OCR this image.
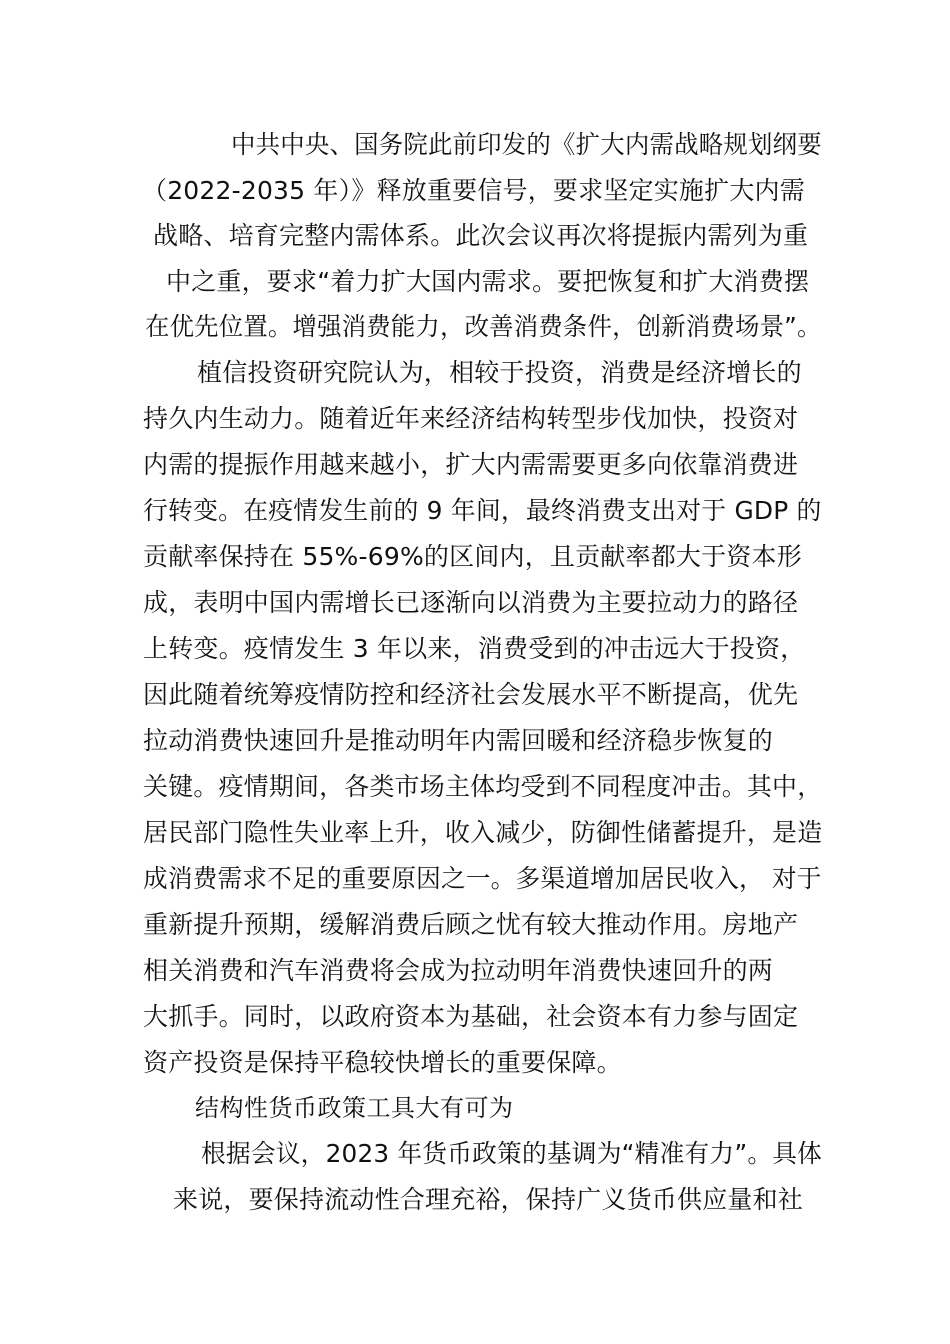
中共中央、国务院此前印发的《扩大内需战略规划纲要
（2022-2035 年）》释放重要信号，要求坚定实施扩大内需
战略、培育完整内需体系。此次会议再次将提振内需列为重
中之重，要求“着力扩大国内需求。要把恢复和扩大消费摆
在优先位置。增强消费能力，改善消费条件，创新消费场景”。
植信投资研究院认为，相较于投资，消费是经济增长的
持久内生动力。随着近年来经济结构转型步伐加快，投资对
内需的提振作用越来越小，扩大内需需要更多向依靠消费进
行转变。在疫情发生前的 9 年间，最终消费支出对于 GDP 的
贡献率保持在 55%-69%的区间内，且贡献率都大于资本形
成，表明中国内需增长已逐渐向以消费为主要拉动力的路径
上转变。疫情发生 3 年以来，消费受到的冲击远大于投资，
因此随着统筹疫情防控和经济社会发展水平不断提高，优先
拉动消费快速回升是推动明年内需回暖和经济稳步恢复的
关键。疫情期间，各类市场主体均受到不同程度冲击。其中，
居民部门隐性失业率上升，收入减少，防御性储蓄提升，是造
成消费需求不足的重要原因之一。多渠道增加居民收入， 对于
重新提升预期，缓解消费后顾之忧有较大推动作用。房地产
相关消费和汽车消费将会成为拉动明年消费快速回升的两
大抓手。同时，以政府资本为基础，社会资本有力参与固定
资产投资是保持平稳较快增长的重要保障。
结构性货币政策工具大有可为
根据会议，2023 年货币政策的基调为“精准有力”。具体
来说，要保持流动性合理充裕，保持广义货币供应量和社
